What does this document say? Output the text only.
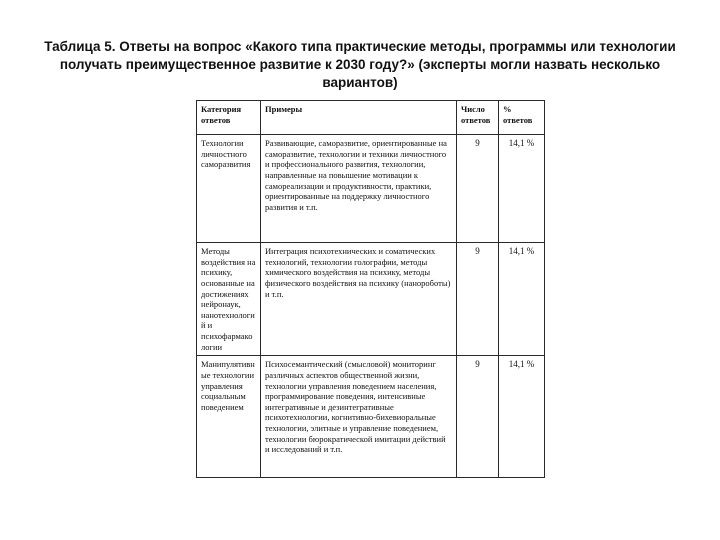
Таблица 5. Ответы на вопрос «Какого типа практические методы, программы или технологии получать преимущественное развитие к 2030 году?» (эксперты могли назвать несколько вариантов)
Категория ответов	Примеры	Число ответов	% ответов
Технологии личностного саморазвития	Развивающие, саморазвитие, ориентированные на саморазвитие, технологии и техники личностного и профессионального развития, технологии, направленные на повышение мотивации к самореализации и продуктивности, практики, ориентированные на поддержку личностного развития и т.п.	9	14,1 %
Методы воздействия на психику, основанные на достижениях нейронаук, нанотехнологий и психофармакологии	Интеграция психотехнических и соматических технологий, технологии голографии, методы химического воздействия на психику, методы физического воздействия на психику (нанороботы) и т.п.	9	14,1 %
Манипулятивные технологии управления социальным поведением	Психосемантический (смысловой) мониторинг различных аспектов общественной жизни, технологии управления поведением населения, программирование поведения, интенсивные интегративные и дезинтегративные психотехнологии, когнитивно-бихевиоральные технологии, элитные и управление поведением, технологии бюрократической имитации действий и исследований и т.п.	9	14,1 %
